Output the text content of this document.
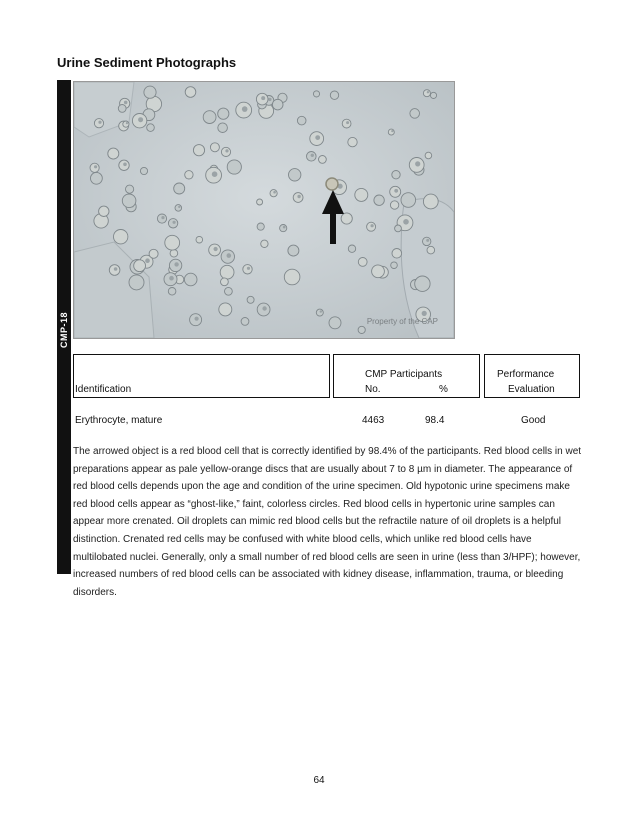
Urine Sediment Photographs
CMP-18	Property of the CAP
Identification
CMP Participants
No.	%
Performance
Evaluation
Erythrocyte, mature	4463	98.4	Good
The arrowed object is a red blood cell that is correctly identified by 98.4% of the participants. Red blood cells in wet preparations appear as pale yellow-orange discs that are usually about 7 to 8 µm in diameter. The appearance of red blood cells depends upon the age and condition of the urine specimen. Old hypotonic urine specimens make red blood cells appear as “ghost-like,” faint, colorless circles. Red blood cells in hypertonic urine samples can appear more crenated. Oil droplets can mimic red blood cells but the refractile nature of oil droplets is a helpful distinction. Crenated red cells may be confused with white blood cells, which unlike red blood cells have multilobated nuclei. Generally, only a small number of red blood cells are seen in urine (less than 3/HPF); however, increased numbers of red blood cells can be associated with kidney disease, inflammation, trauma, or bleeding disorders.
64
